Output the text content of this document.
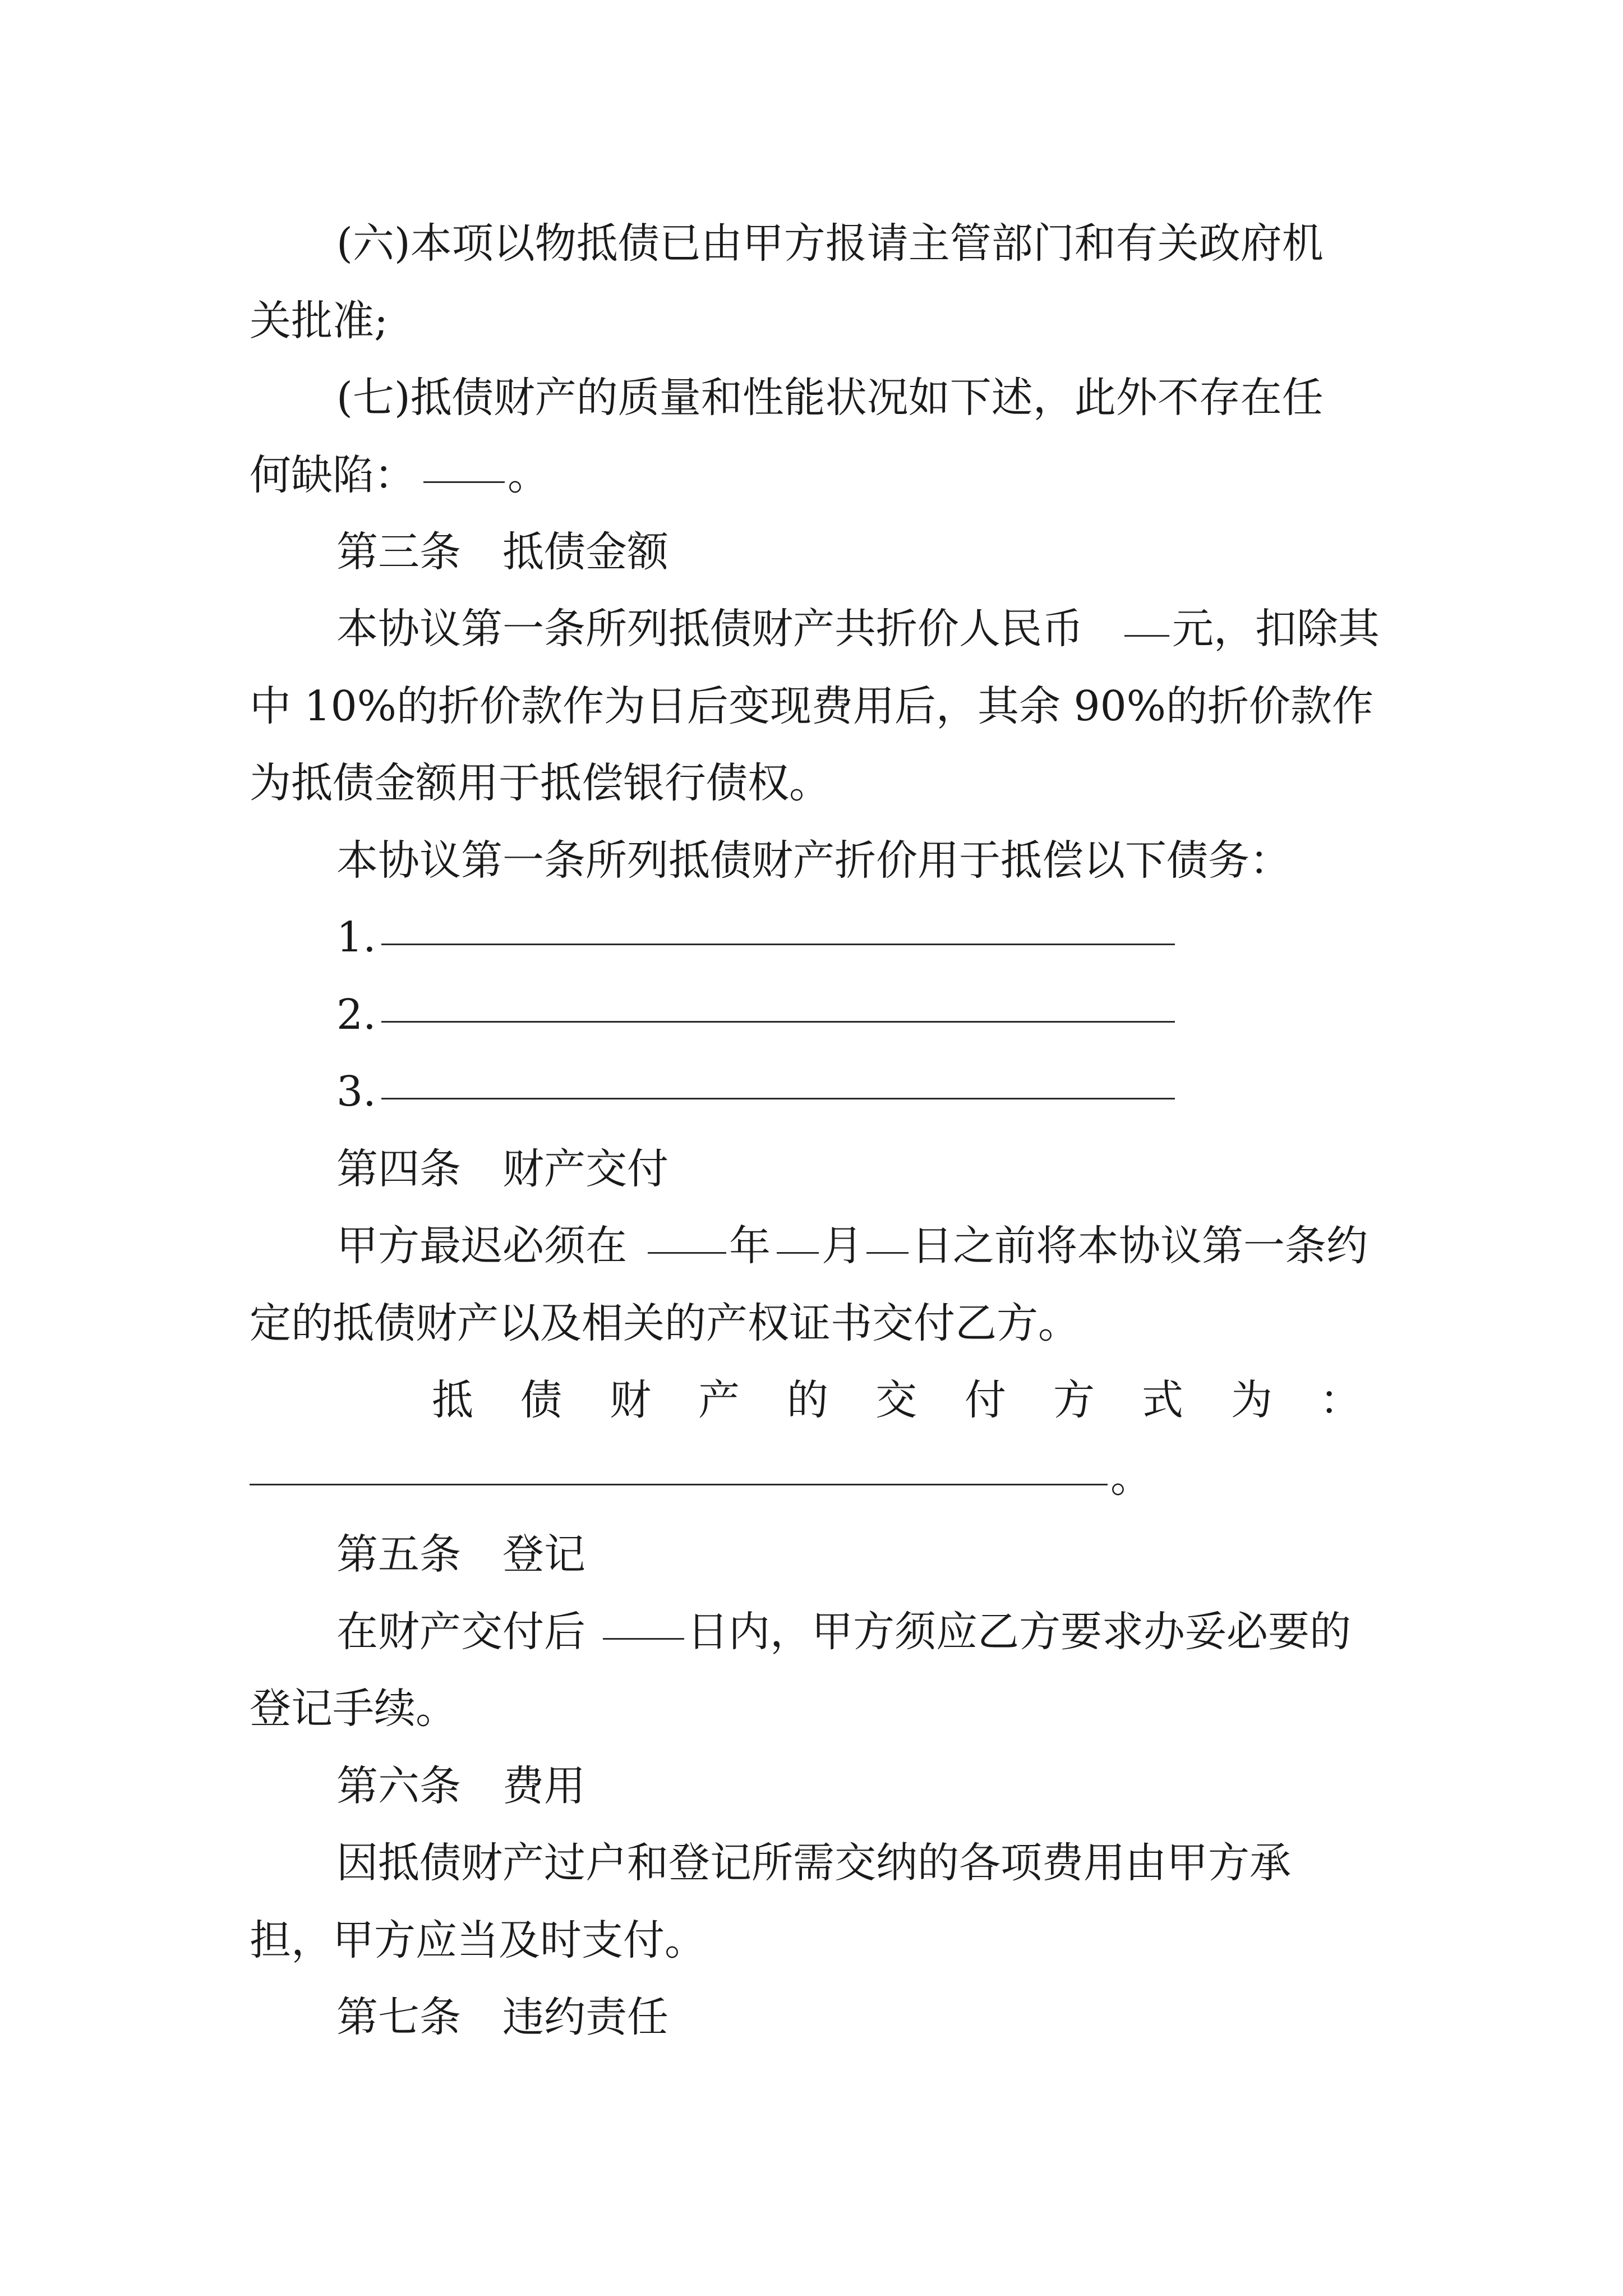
(六)本项以物抵债已由甲方报请主管部门和有关政府机
关批准;
(七)抵债财产的质量和性能状况如下述，此外不存在任
何缺陷： 。
第三条　抵债金额
本协议第一条所列抵债财产共折价人民币 元，扣除其
中 10%的折价款作为日后变现费用后，其余 90%的折价款作
为抵债金额用于抵偿银行债权。
本协议第一条所列抵债财产折价用于抵偿以下债务：
1.
2.
3.
第四条　财产交付
甲方最迟必须在 年 月 日之前将本协议第一条约
定的抵债财产以及相关的产权证书交付乙方。
抵 债 财 产 的 交 付 方 式 为 ：
。
第五条　登记
在财产交付后 日内，甲方须应乙方要求办妥必要的
登记手续。
第六条　费用
因抵债财产过户和登记所需交纳的各项费用由甲方承
担，甲方应当及时支付。
第七条　违约责任
